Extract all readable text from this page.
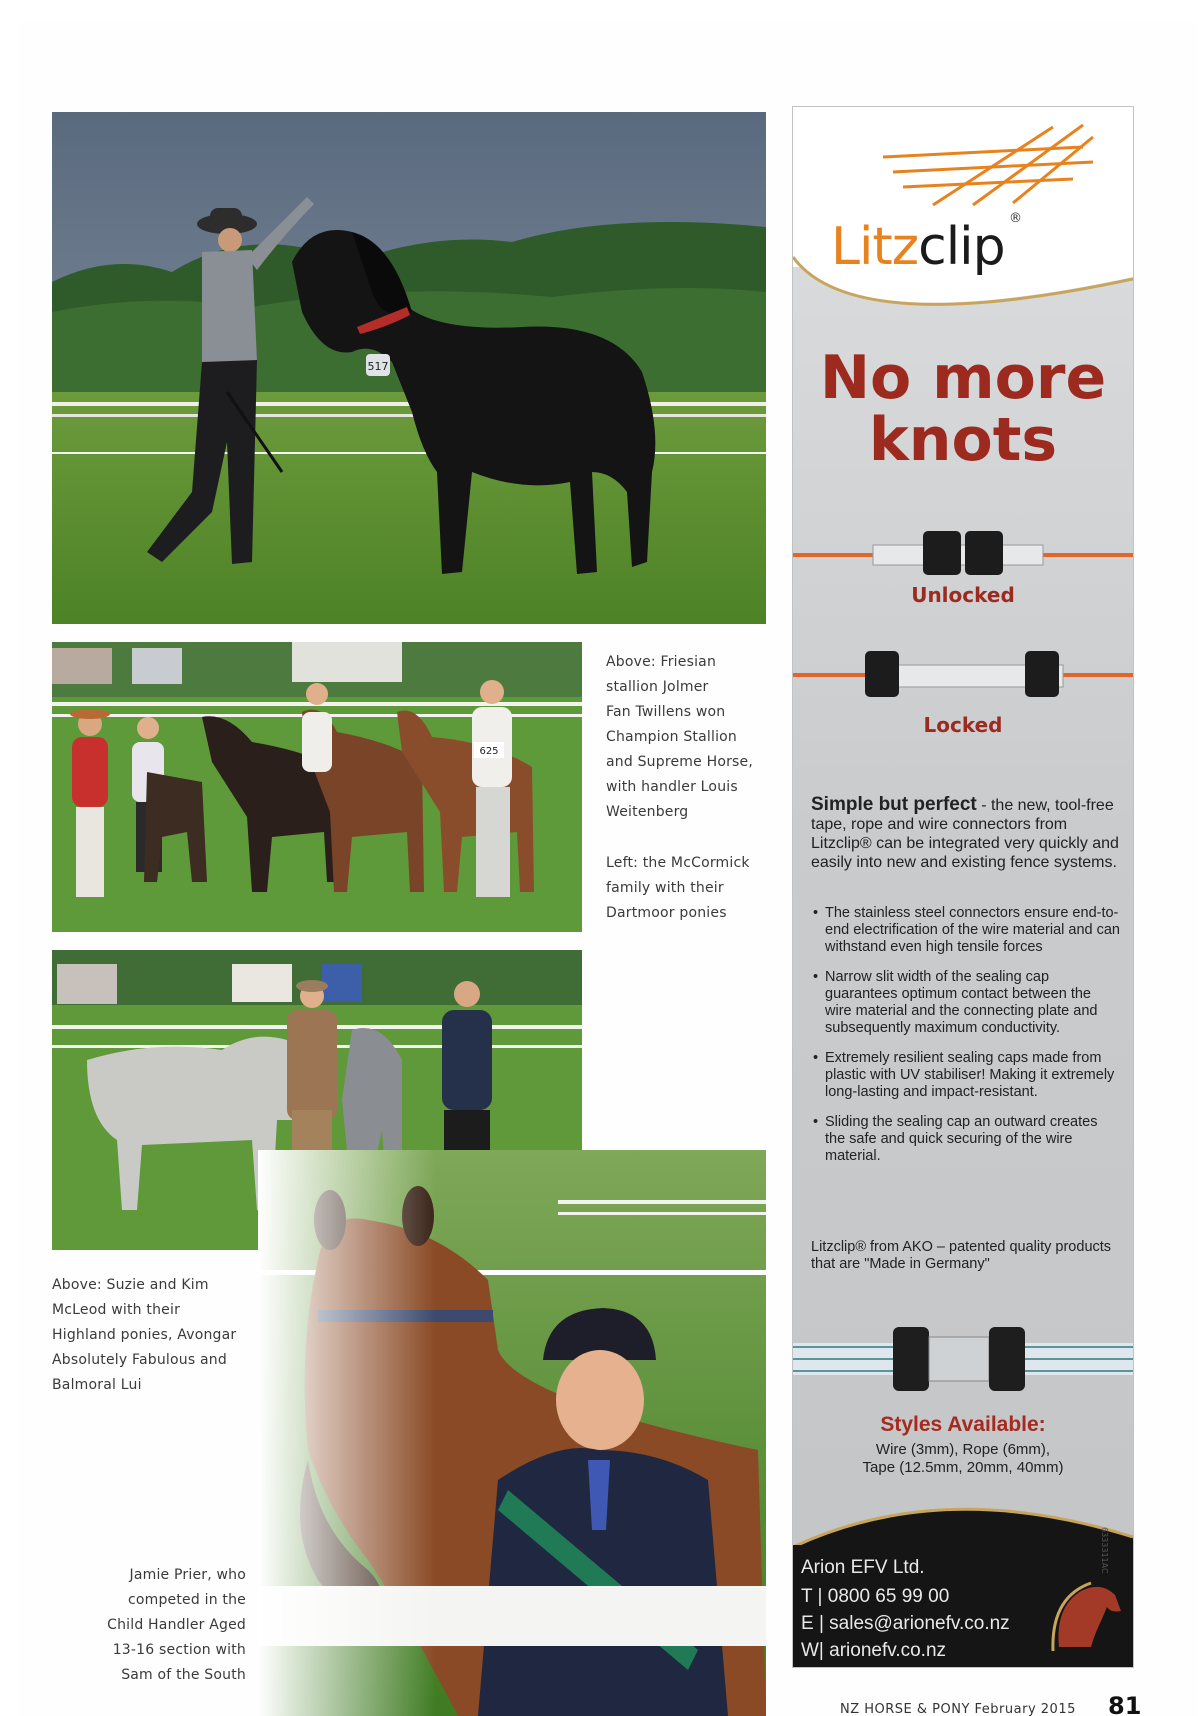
517
625
Above: Friesian
stallion Jolmer
Fan Twillens won
Champion Stallion
and Supreme Horse,
with handler Louis
Weitenberg
Left: the McCormick
family with their
Dartmoor ponies
Above: Suzie and Kim
McLeod with their
Highland ponies, Avongar
Absolutely Fabulous and
Balmoral Lui
Jamie Prier, who
competed in the
Child Handler Aged
13-16 section with
Sam of the South
Litzclip ®
No more
knots
Unlocked
Locked
Simple but perfect - the new, tool-free tape, rope and wire connectors from Litzclip® can be integrated very quickly and easily into new and existing fence systems.
• The stainless steel connectors ensure end-to-end electrification of the wire material and can withstand even high tensile forces
• Narrow slit width of the sealing cap guarantees optimum contact between the wire material and the connecting plate and subsequently maximum conductivity.
• Extremely resilient sealing caps made from plastic with UV stabiliser! Making it extremely long-lasting and impact-resistant.
• Sliding the sealing cap an outward creates the safe and quick securing of the wire material.
Litzclip® from AKO – patented quality products that are "Made in Germany"
Styles Available:
Wire (3mm), Rope (6mm),
Tape (12.5mm, 20mm, 40mm)
Arion EFV Ltd.
T | 0800 65 99 00
E | sales@arionefv.co.nz
W| arionefv.co.nz
6333311AC
NZ HORSE & PONY February 2015 81
